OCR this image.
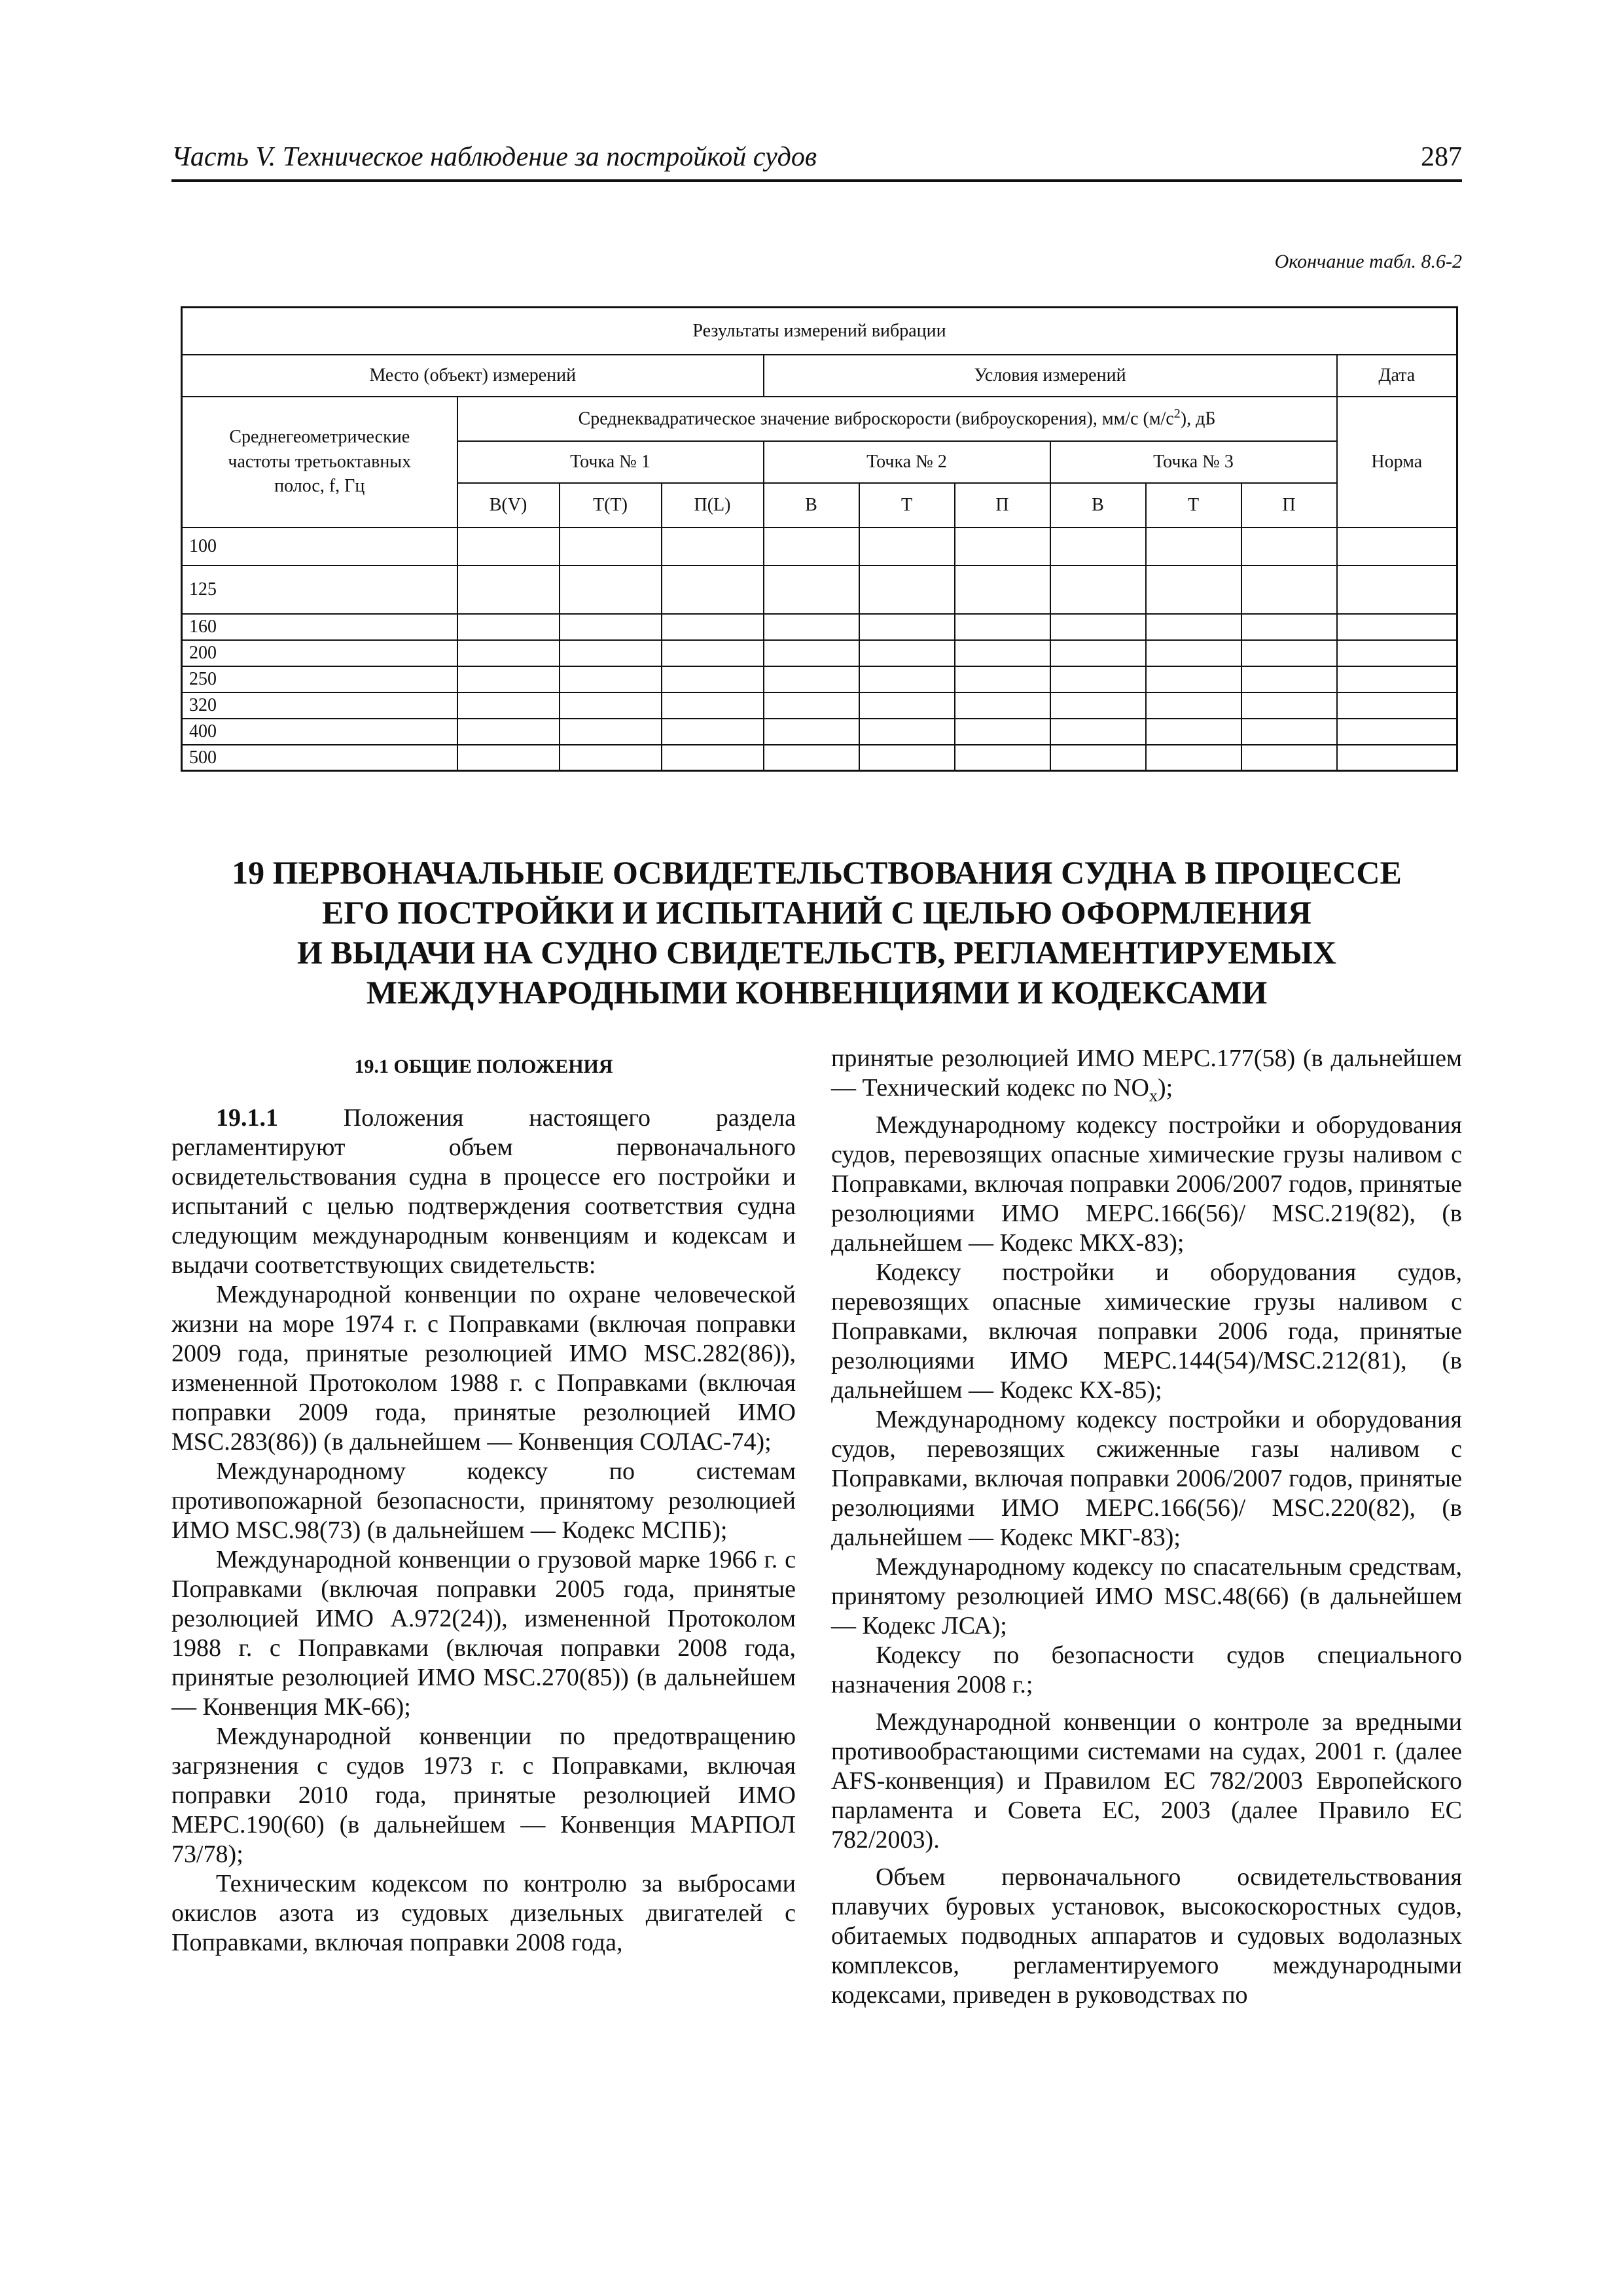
Часть V. Техническое наблюдение за постройкой судов	287
Окончание табл. 8.6-2
Результаты измерений вибрации										
Место (объект) измерений				Условия измерений						Дата
Среднегеометрические частоты третьоктавных полос, f, Гц	Среднеквадратическое значение виброскорости (виброускорения), мм/с $(м/с^2)$, дБ									Норма
	Точка № 1			Точка № 2			Точка № 3			
	В(V)	Т(Т)	П(L)	В	Т	П	В	Т	П	
100										
125										
160										
200										
250										
320										
400										
500										
19 ПЕРВОНАЧАЛЬНЫЕ ОСВИДЕТЕЛЬСТВОВАНИЯ СУДНА В ПРОЦЕССЕ
ЕГО ПОСТРОЙКИ И ИСПЫТАНИЙ С ЦЕЛЬЮ ОФОРМЛЕНИЯ
И ВЫДАЧИ НА СУДНО СВИДЕТЕЛЬСТВ, РЕГЛАМЕНТИРУЕМЫХ
МЕЖДУНАРОДНЫМИ КОНВЕНЦИЯМИ И КОДЕКСАМИ
19.1 ОБЩИЕ ПОЛОЖЕНИЯ

19.1.1 Положения настоящего раздела регламентируют объем первоначального освидетельствования судна в процессе его постройки и испытаний с целью подтверждения соответствия судна следующим международным конвенциям и кодексам и выдачи соответствующих свидетельств:

Международной конвенции по охране человеческой жизни на море 1974 г. с Поправками (включая поправки 2009 года, принятые резолюцией ИМО MSC.282(86)), измененной Протоколом 1988 г. с Поправками (включая поправки 2009 года, принятые резолюцией ИМО MSC.283(86)) (в дальнейшем — Конвенция СОЛАС-74);

Международному кодексу по системам противопожарной безопасности, принятому резолюцией ИМО MSC.98(73) (в дальнейшем — Кодекс МСПБ);

Международной конвенции о грузовой марке 1966 г. с Поправками (включая поправки 2005 года, принятые резолюцией ИМО А.972(24)), измененной Протоколом 1988 г. с Поправками (включая поправки 2008 года, принятые резолюцией ИМО MSC.270(85)) (в дальнейшем — Конвенция МК-66);

Международной конвенции по предотвращению загрязнения с судов 1973 г. с Поправками, включая поправки 2010 года, принятые резолюцией ИМО МЕРС.190(60) (в дальнейшем — Конвенция МАРПОЛ 73/78);

Техническим кодексом по контролю за выбросами окислов азота из судовых дизельных двигателей с Поправками, включая поправки 2008 года,

принятые резолюцией ИМО МЕРС.177(58) (в дальнейшем — Технический кодекс по $NO_x$);

Международному кодексу постройки и оборудования судов, перевозящих опасные химические грузы наливом с Поправками, включая поправки 2006/2007 годов, принятые резолюциями ИМО МЕРС.166(56)/ MSC.219(82), (в дальнейшем — Кодекс МКХ-83);

Кодексу постройки и оборудования судов, перевозящих опасные химические грузы наливом с Поправками, включая поправки 2006 года, принятые резолюциями ИМО МЕРС.144(54)/MSC.212(81), (в дальнейшем — Кодекс КХ-85);

Международному кодексу постройки и оборудования судов, перевозящих сжиженные газы наливом с Поправками, включая поправки 2006/2007 годов, принятые резолюциями ИМО МЕРС.166(56)/ MSC.220(82), (в дальнейшем — Кодекс МКГ-83);

Международному кодексу по спасательным средствам, принятому резолюцией ИМО MSC.48(66) (в дальнейшем — Кодекс ЛСА);

Кодексу по безопасности судов специального назначения 2008 г.;

Международной конвенции о контроле за вредными противообрастающими системами на судах, 2001 г. (далее AFS-конвенция) и Правилом ЕС 782/2003 Европейского парламента и Совета ЕС, 2003 (далее Правило ЕС 782/2003).

Объем первоначального освидетельствования плавучих буровых установок, высокоскоростных судов, обитаемых подводных аппаратов и судовых водолазных комплексов, регламентируемого международными кодексами, приведен в руководствах по
